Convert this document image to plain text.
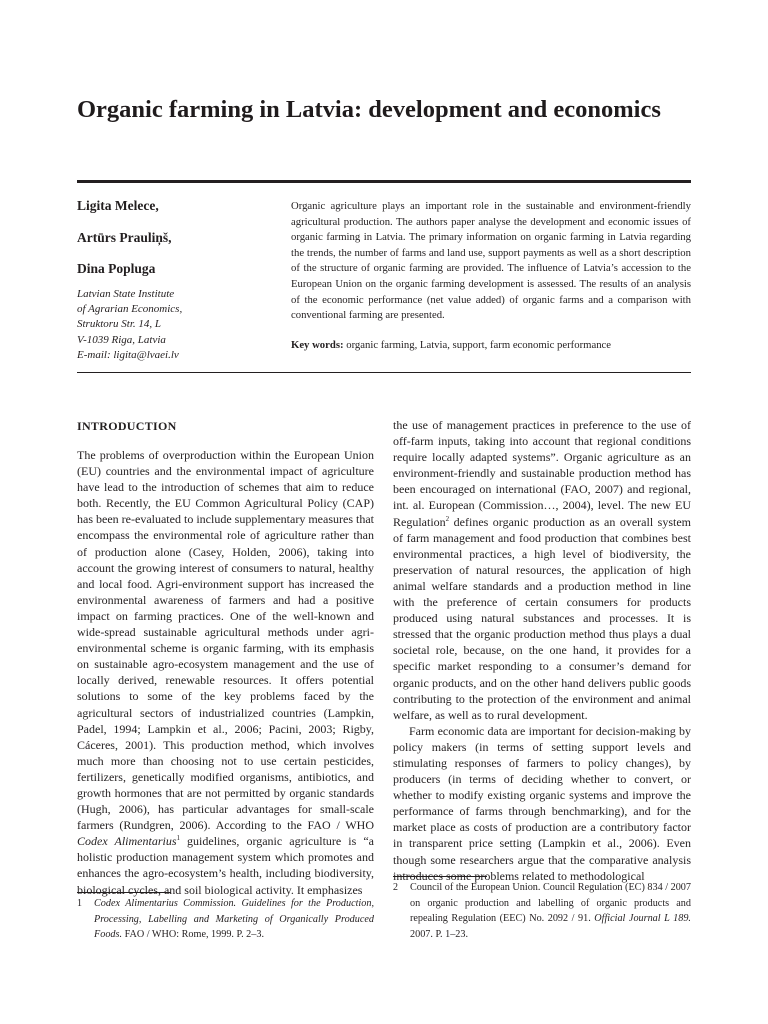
Organic farming in Latvia: development and economics
Ligita Melece,
Artūrs Prauliņš,
Dina Popluga
Latvian State Institute
of Agrarian Economics,
Struktoru Str. 14, L
V-1039 Riga, Latvia
E-mail: ligita@lvaei.lv

Organic agriculture plays an important role in the sustainable and environment-friendly agricultural production. The authors paper analyse the development and economic issues of organic farming in Latvia. The primary information on organic farming in Latvia regarding the trends, the number of farms and land use, support payments as well as a short description of the structure of organic farming are provided. The influence of Latvia’s accession to the European Union on the organic farming development is assessed. The results of an analysis of the economic performance (net value added) of organic farms and a comparison with conventional farming are presented.

Key words: organic farming, Latvia, support, farm economic performance

INTRODUCTION

The problems of overproduction within the European Union (EU) countries and the environmental impact of agriculture have lead to the introduction of schemes that aim to reduce both. Recently, the EU Common Agricultural Policy (CAP) has been re-evaluated to include supplementary measures that encompass the environmental role of agriculture rather than of production alone (Casey, Holden, 2006), taking into account the growing interest of consumers to natural, healthy and local food. Agri-environment support has increased the environmental awareness of farmers and had a positive impact on farming practices. One of the well-known and wide-spread sustainable agricultural methods under agri-environmental scheme is organic farming, with its emphasis on sustainable agro-ecosystem management and the use of locally derived, renewable resources. It offers potential solutions to some of the key problems faced by the agricultural sectors of industrialized countries (Lampkin, Padel, 1994; Lampkin et al., 2006; Pacini, 2003; Rigby, Cáceres, 2001). This production method, which involves much more than choosing not to use certain pesticides, fertilizers, genetically modified organisms, antibiotics, and growth hormones that are not permitted by organic standards (Hugh, 2006), has particular advantages for small-scale farmers (Rundgren, 2006). According to the FAO / WHO Codex Alimentarius$^1$ guidelines, organic agriculture is “a holistic production management system which promotes and enhances the agro-ecosystem’s health, including biodiversity, biological cycles, and soil biological activity. It emphasizes

the use of management practices in preference to the use of off-farm inputs, taking into account that regional conditions require locally adapted systems”. Organic agriculture as an environment-friendly and sustainable production method has been encouraged on international (FAO, 2007) and regional, int. al. European (Commission…, 2004), level. The new EU Regulation$^2$ defines organic production as an overall system of farm management and food production that combines best environmental practices, a high level of biodiversity, the preservation of natural resources, the application of high animal welfare standards and a production method in line with the preference of certain consumers for products produced using natural substances and processes. It is stressed that the organic production method thus plays a dual societal role, because, on the one hand, it provides for a specific market responding to a consumer’s demand for organic products, and on the other hand delivers public goods contributing to the protection of the environment and animal welfare, as well as to rural development.

Farm economic data are important for decision-making by policy makers (in terms of setting support levels and stimulating responses of farmers to policy changes), by producers (in terms of deciding whether to convert, or whether to modify existing organic systems and improve the performance of farms through benchmarking), and for the market place as costs of production are a contributory factor in transparent price setting (Lampkin et al., 2006). Even though some researchers argue that the comparative analysis introduces some problems related to methodological

1 Codex Alimentarius Commission. Guidelines for the Production, Processing, Labelling and Marketing of Organically Produced Foods. FAO / WHO: Rome, 1999. P. 2–3.

2 Council of the European Union. Council Regulation (EC) 834 / 2007 on organic production and labelling of organic products and repealing Regulation (EEC) No. 2092 / 91. Official Journal L 189. 2007. P. 1–23.
